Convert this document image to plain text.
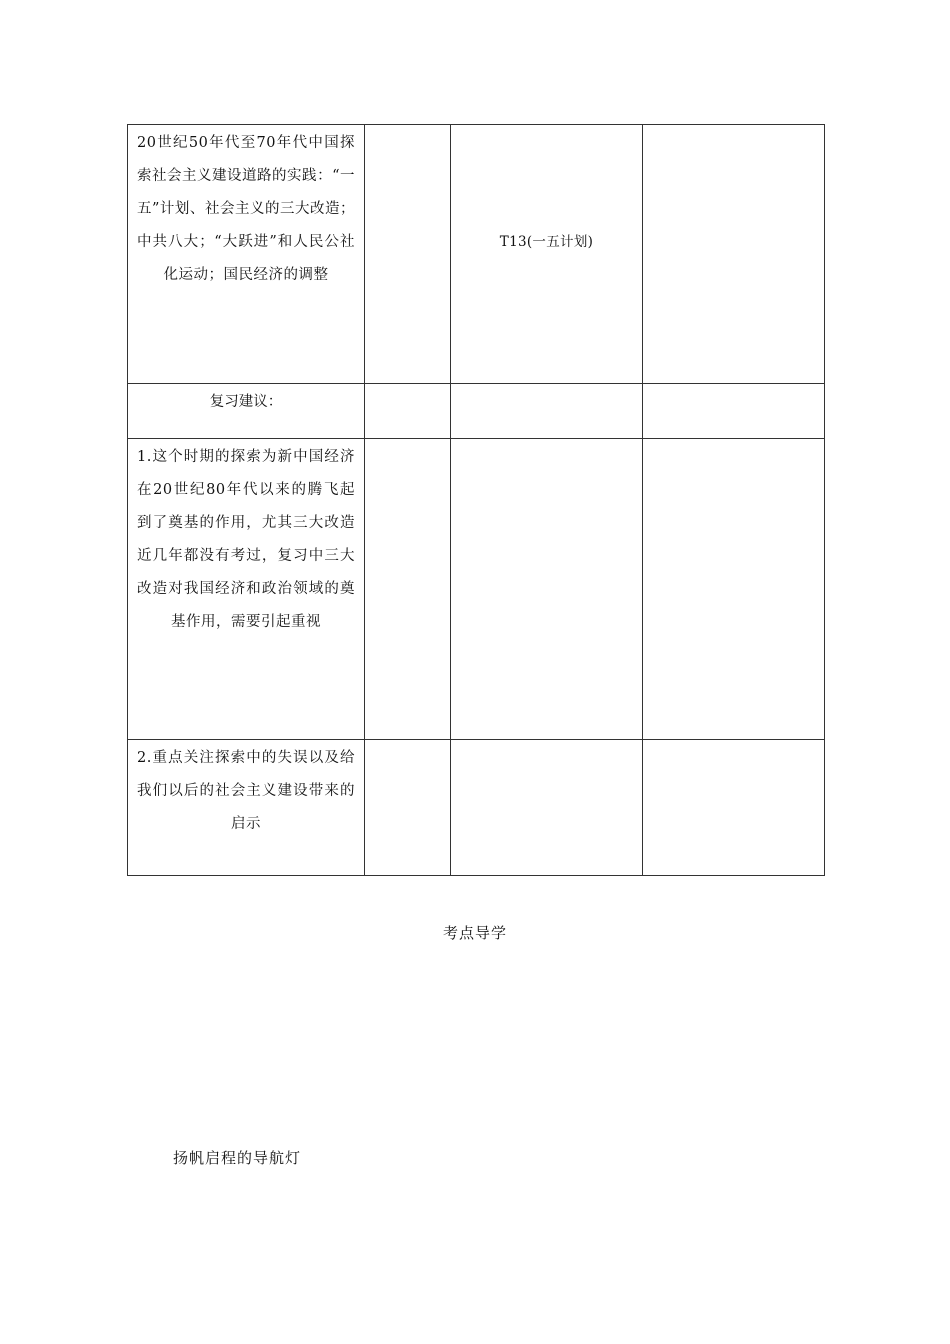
20世纪50年代至70年代中国探索社会主义建设道路的实践：“一五”计划、社会主义的三大改造；中共八大；“大跃进”和人民公社化运动；国民经济的调整		T13(一五计划)	

复习建议：			

1.这个时期的探索为新中国经济在20世纪80年代以来的腾飞起到了奠基的作用，尤其三大改造近几年都没有考过，复习中三大改造对我国经济和政治领域的奠基作用，需要引起重视			

2.重点关注探索中的失误以及给我们以后的社会主义建设带来的启示			

考点导学
扬帆启程的导航灯
